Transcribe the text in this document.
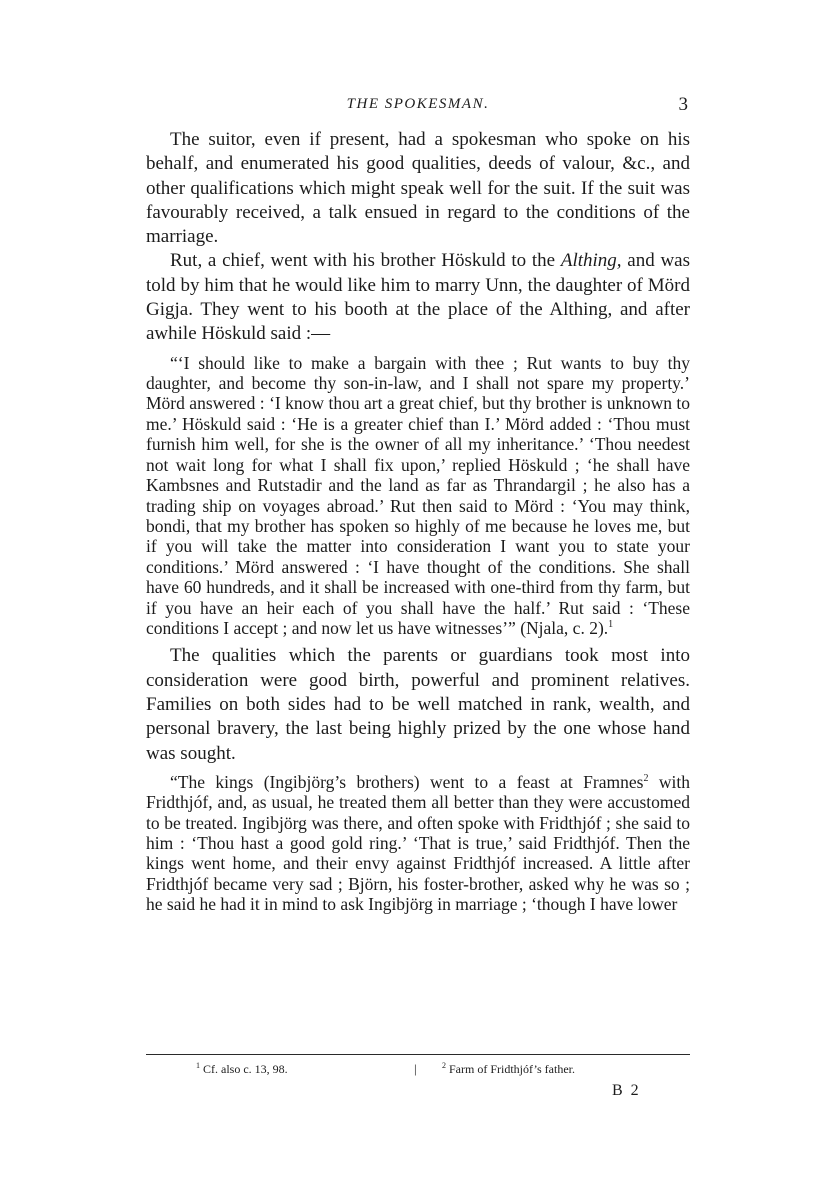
THE SPOKESMAN.	3

The suitor, even if present, had a spokesman who spoke on his behalf, and enumerated his good qualities, deeds of valour, &c., and other qualifications which might speak well for the suit. If the suit was favourably received, a talk ensued in regard to the conditions of the marriage.

Rut, a chief, went with his brother Höskuld to the Althing, and was told by him that he would like him to marry Unn, the daughter of Mörd Gigja. They went to his booth at the place of the Althing, and after awhile Höskuld said :—

“‘I should like to make a bargain with thee ; Rut wants to buy thy daughter, and become thy son-in-law, and I shall not spare my property.’ Mörd answered : ‘I know thou art a great chief, but thy brother is unknown to me.’ Höskuld said : ‘He is a greater chief than I.’ Mörd added : ‘Thou must furnish him well, for she is the owner of all my inheritance.’ ‘Thou needest not wait long for what I shall fix upon,’ replied Höskuld ; ‘he shall have Kambsnes and Rutstadir and the land as far as Thrandargil ; he also has a trading ship on voyages abroad.’ Rut then said to Mörd : ‘You may think, bondi, that my brother has spoken so highly of me because he loves me, but if you will take the matter into consideration I want you to state your conditions.’ Mörd answered : ‘I have thought of the conditions. She shall have 60 hundreds, and it shall be increased with one-third from thy farm, but if you have an heir each of you shall have the half.’ Rut said : ‘These conditions I accept ; and now let us have witnesses’” (Njala, c. 2).$^1$

The qualities which the parents or guardians took most into consideration were good birth, powerful and prominent relatives. Families on both sides had to be well matched in rank, wealth, and personal bravery, the last being highly prized by the one whose hand was sought.

“The kings (Ingibjörg’s brothers) went to a feast at Framnes$^2$ with Fridthjóf, and, as usual, he treated them all better than they were accustomed to be treated. Ingibjörg was there, and often spoke with Fridthjóf ; she said to him : ‘Thou hast a good gold ring.’ ‘That is true,’ said Fridthjóf. Then the kings went home, and their envy against Fridthjóf increased. A little after Fridthjóf became very sad ; Björn, his foster-brother, asked why he was so ; he said he had it in mind to ask Ingibjörg in marriage ; ‘though I have lower

$^1$ Cf. also c. 13, 98.	|	$^2$ Farm of Fridthjóf’s father.
B 2
